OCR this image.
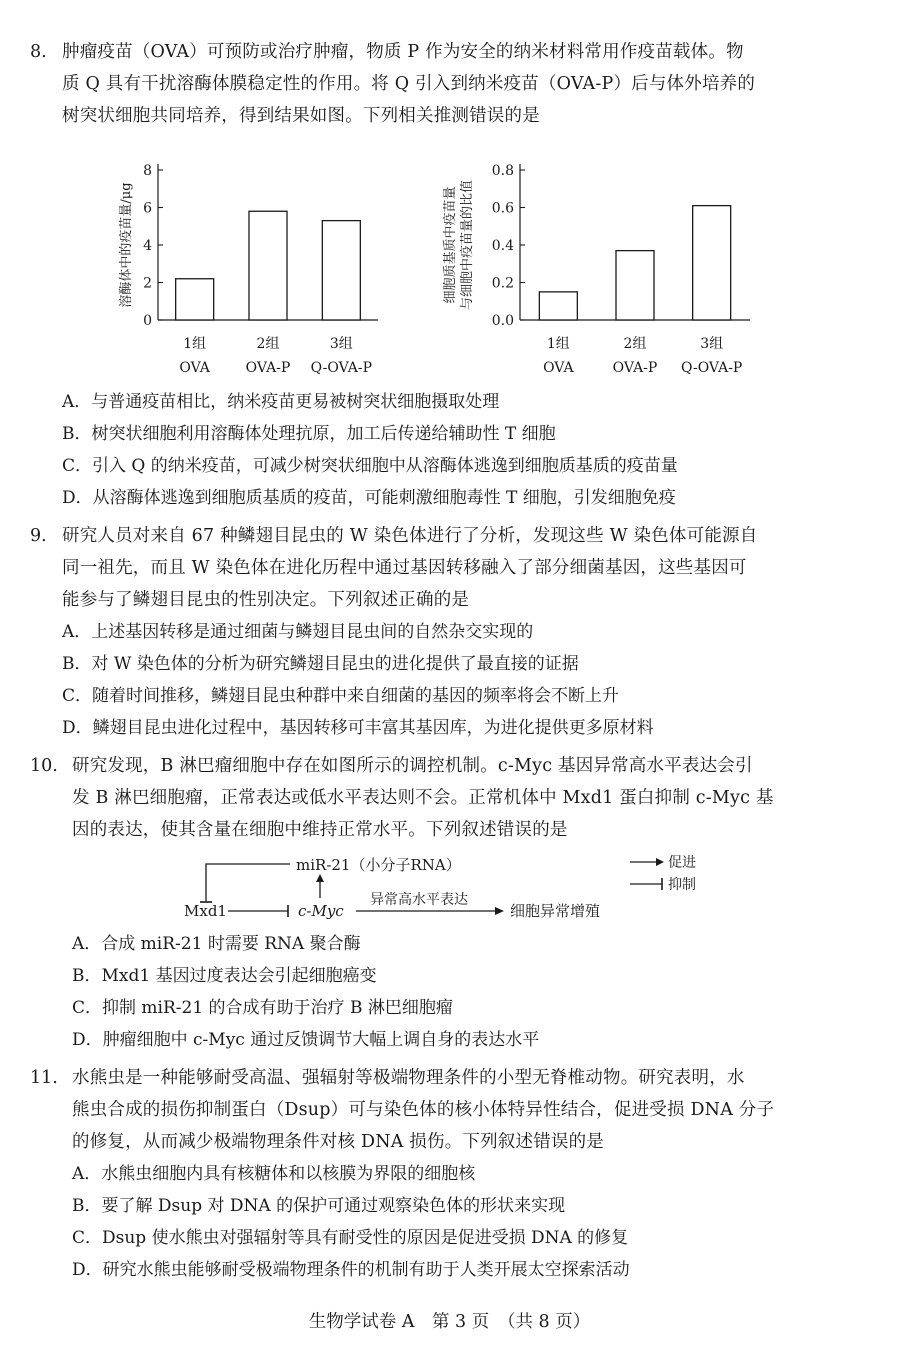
8. 肿瘤疫苗（OVA）可预防或治疗肿瘤，物质 P 作为安全的纳米材料常用作疫苗载体。物
质 Q 具有干扰溶酶体膜稳定性的作用。将 Q 引入到纳米疫苗（OVA-P）后与体外培养的
树突状细胞共同培养，得到结果如图。下列相关推测错误的是
溶酶体中的疫苗量/μg
0
2
4
6
8
1组
OVA
2组
OVA-P
3组
Q-OVA-P
细胞质基质中疫苗量 与细胞中疫苗量的比值
0.0
0.2
0.4
0.6
0.8
1组
OVA
2组
OVA-P
3组
Q-OVA-P
A．与普通疫苗相比，纳米疫苗更易被树突状细胞摄取处理
B．树突状细胞利用溶酶体处理抗原，加工后传递给辅助性 T 细胞
C．引入 Q 的纳米疫苗，可减少树突状细胞中从溶酶体逃逸到细胞质基质的疫苗量
D．从溶酶体逃逸到细胞质基质的疫苗，可能刺激细胞毒性 T 细胞，引发细胞免疫
9. 研究人员对来自 67 种鳞翅目昆虫的 W 染色体进行了分析，发现这些 W 染色体可能源自
同一祖先，而且 W 染色体在进化历程中通过基因转移融入了部分细菌基因，这些基因可
能参与了鳞翅目昆虫的性别决定。下列叙述正确的是
A．上述基因转移是通过细菌与鳞翅目昆虫间的自然杂交实现的
B．对 W 染色体的分析为研究鳞翅目昆虫的进化提供了最直接的证据
C．随着时间推移，鳞翅目昆虫种群中来自细菌的基因的频率将会不断上升
D．鳞翅目昆虫进化过程中，基因转移可丰富其基因库，为进化提供更多原材料
10. 研究发现，B 淋巴瘤细胞中存在如图所示的调控机制。c-Myc 基因异常高水平表达会引
发 B 淋巴细胞瘤，正常表达或低水平表达则不会。正常机体中 Mxd1 蛋白抑制 c-Myc 基
因的表达，使其含量在细胞中维持正常水平。下列叙述错误的是
miR-21（小分子RNA）
Mxd1	c-Myc
异常高水平表达
细胞异常增殖
促进
抑制
A．合成 miR-21 时需要 RNA 聚合酶
B．Mxd1 基因过度表达会引起细胞癌变
C．抑制 miR-21 的合成有助于治疗 B 淋巴细胞瘤
D．肿瘤细胞中 c-Myc 通过反馈调节大幅上调自身的表达水平
11. 水熊虫是一种能够耐受高温、强辐射等极端物理条件的小型无脊椎动物。研究表明，水
熊虫合成的损伤抑制蛋白（Dsup）可与染色体的核小体特异性结合，促进受损 DNA 分子
的修复，从而减少极端物理条件对核 DNA 损伤。下列叙述错误的是
A．水熊虫细胞内具有核糖体和以核膜为界限的细胞核
B．要了解 Dsup 对 DNA 的保护可通过观察染色体的形状来实现
C．Dsup 使水熊虫对强辐射等具有耐受性的原因是促进受损 DNA 的修复
D．研究水熊虫能够耐受极端物理条件的机制有助于人类开展太空探索活动
生物学试卷 A　第 3 页　（共 8 页）
